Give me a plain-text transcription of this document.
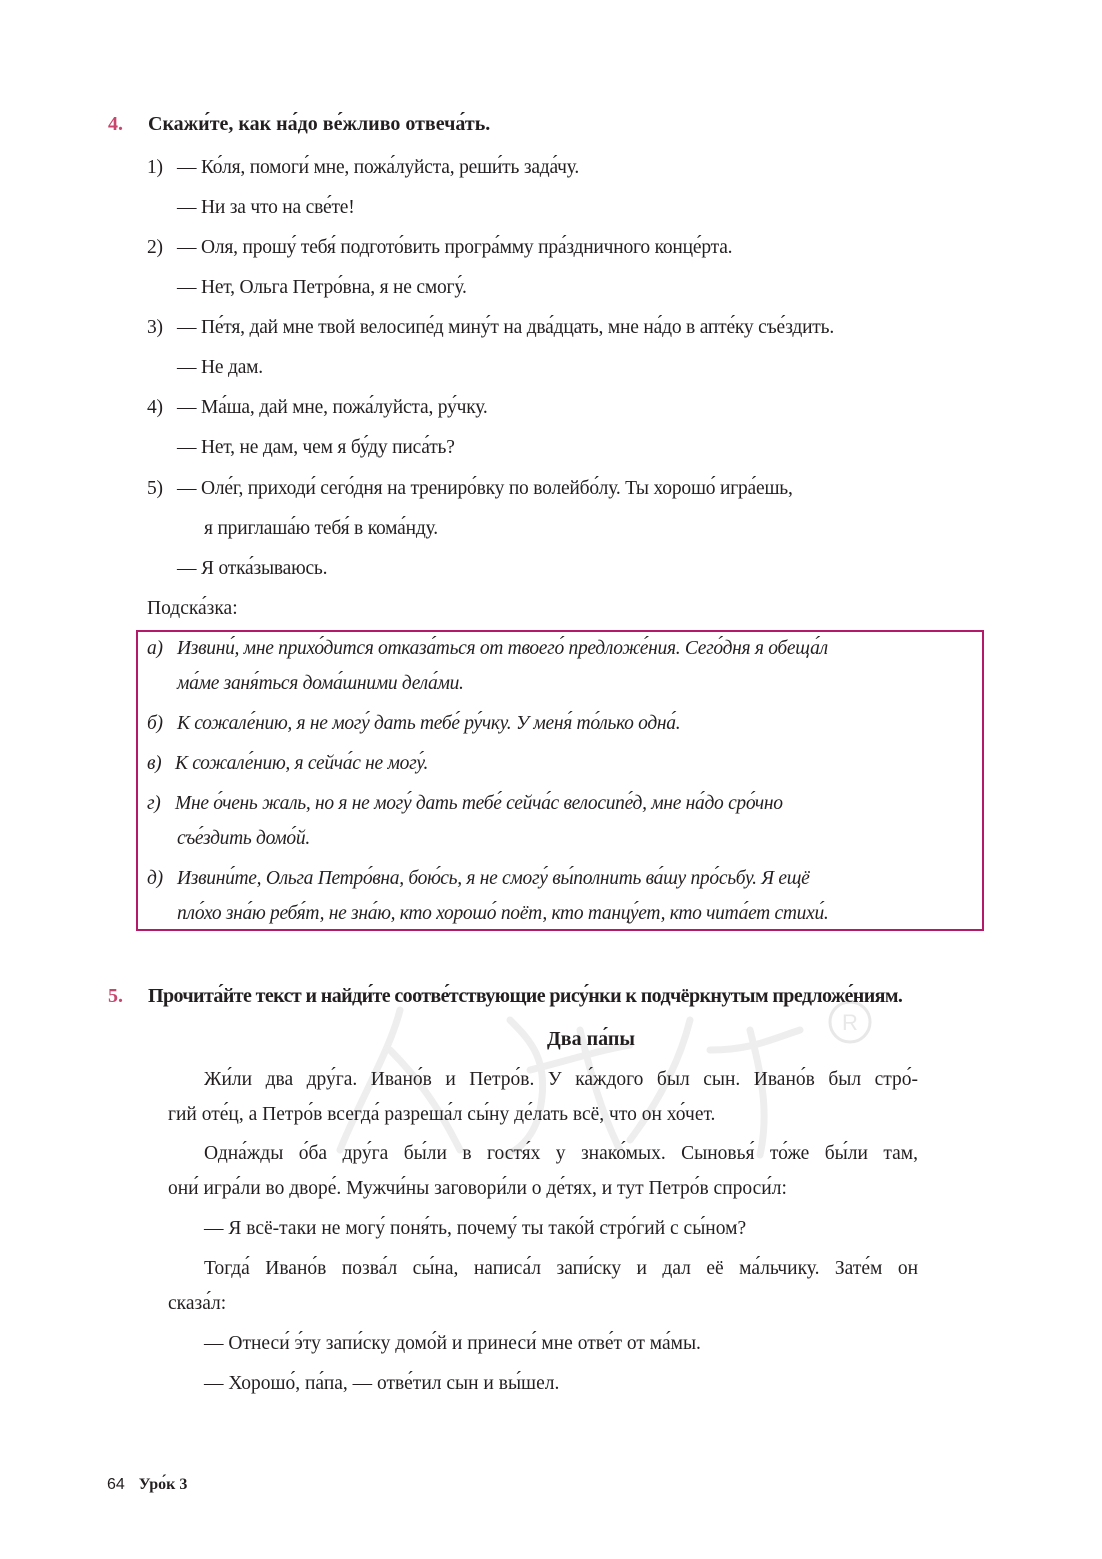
4. Скажи́те, как на́до ве́жливо отвеча́ть.
1) — Ко́ля, помоги́ мне, пожа́луйста, реши́ть зада́чу.
— Ни за что на све́те!
2) — Оля, прошу́ тебя́ подгото́вить програ́мму пра́здничного конце́рта.
— Нет, Ольга Петро́вна, я не смогу́.
3) — Пе́тя, дай мне твой велосипе́д мину́т на два́дцать, мне на́до в апте́ку съе́здить.
— Не дам.
4) — Ма́ша, дай мне, пожа́луйста, ру́чку.
— Нет, не дам, чем я бу́ду писа́ть?
5) — Оле́г, приходи́ сего́дня на трениро́вку по волейбо́лу. Ты хорошо́ игра́ешь,
я приглаша́ю тебя́ в кома́нду.
— Я отка́зываюсь.
Подска́зка:
а) Извини́, мне прихо́дится отказа́ться от твоего́ предложе́ния. Сего́дня я обеща́л
ма́ме заня́ться дома́шними дела́ми.
б) К сожале́нию, я не могу́ дать тебе́ ру́чку. У меня́ то́лько одна́.
в) К сожале́нию, я сейча́с не могу́.
г) Мне о́чень жаль, но я не могу́ дать тебе́ сейча́с велосипе́д, мне на́до сро́чно
съе́здить домо́й.
д) Извини́те, Ольга Петро́вна, бою́сь, я не смогу́ вы́полнить ва́шу про́сьбу. Я ещё
пло́хо зна́ю ребя́т, не зна́ю, кто хорошо́ поёт, кто танцу́ет, кто чита́ет стихи́.
R
5. Прочита́йте текст и найди́те соотве́тствующие рису́нки к подчёркнутым предложе́ниям.
Два па́пы
Жи́ли два дру́га. Ивано́в и Петро́в. У ка́ждого был сын. Ивано́в был стро́-
гий оте́ц, а Петро́в всегда́ разреша́л сы́ну де́лать всё, что он хо́чет.
Одна́жды о́ба дру́га бы́ли в гостя́х у знако́мых. Сыновья́ то́же бы́ли там,
они́ игра́ли во дворе́. Мужчи́ны заговори́ли о де́тях, и тут Петро́в спроси́л:
— Я всё-таки не могу́ поня́ть, почему́ ты тако́й стро́гий с сы́ном?
Тогда́ Ивано́в позва́л сы́на, написа́л запи́ску и дал её ма́льчику. Зате́м он
сказа́л:
— Отнеси́ э́ту запи́ску домо́й и принеси́ мне отве́т от ма́мы.
— Хорошо́, па́па, — отве́тил сын и вы́шел.
64 Уро́к 3
